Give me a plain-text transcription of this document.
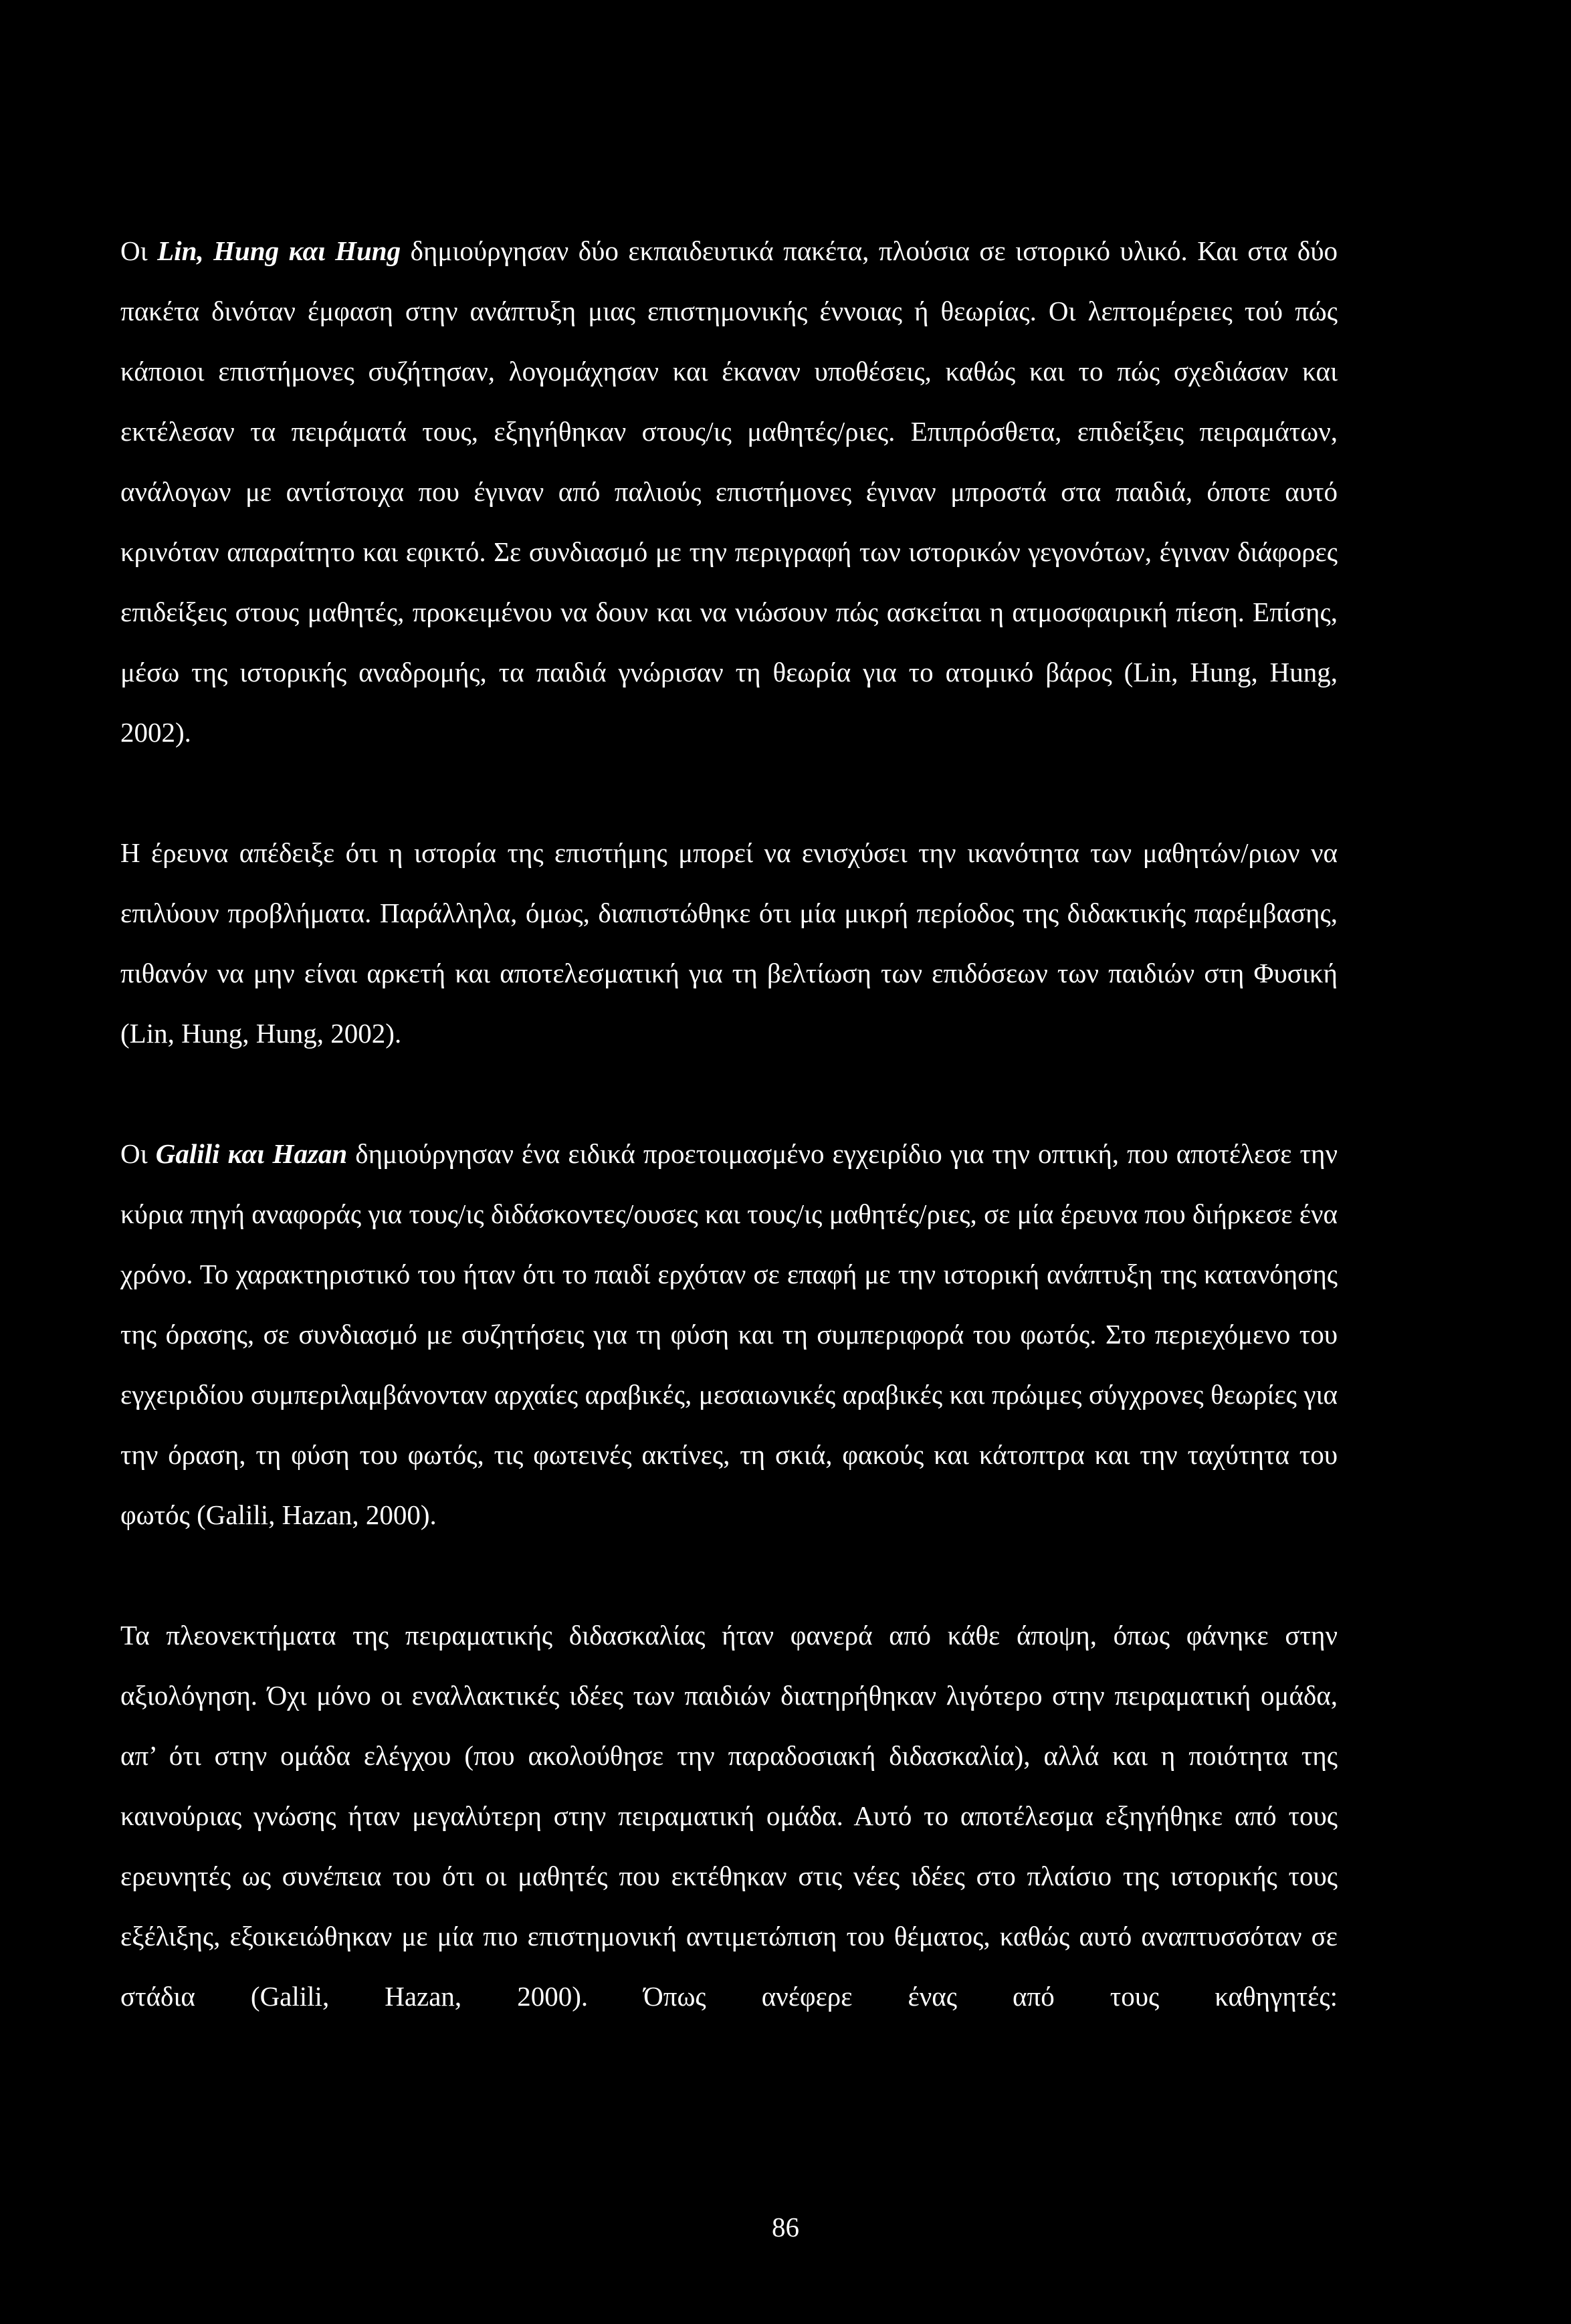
Οι Lin, Hung και Hung δημιούργησαν δύο εκπαιδευτικά πακέτα, πλούσια σε ιστορικό υλικό. Και στα δύο πακέτα δινόταν έμφαση στην ανάπτυξη μιας επιστημονικής έννοιας ή θεωρίας. Οι λεπτομέρειες τού πώς κάποιοι επιστήμονες συζήτησαν, λογομάχησαν και έκαναν υποθέσεις, καθώς και το πώς σχεδιάσαν και εκτέλεσαν τα πειράματά τους, εξηγήθηκαν στους/ις μαθητές/ριες. Επιπρόσθετα, επιδείξεις πειραμάτων, ανάλογων με αντίστοιχα που έγιναν από παλιούς επιστήμονες έγιναν μπροστά στα παιδιά, όποτε αυτό κρινόταν απαραίτητο και εφικτό. Σε συνδιασμό με την περιγραφή των ιστορικών γεγονότων, έγιναν διάφορες επιδείξεις στους μαθητές, προκειμένου να δουν και να νιώσουν πώς ασκείται η ατμοσφαιρική πίεση. Επίσης, μέσω της ιστορικής αναδρομής, τα παιδιά γνώρισαν τη θεωρία για το ατομικό βάρος (Lin, Hung, Hung, 2002).

Η έρευνα απέδειξε ότι η ιστορία της επιστήμης μπορεί να ενισχύσει την ικανότητα των μαθητών/ριων να επιλύουν προβλήματα. Παράλληλα, όμως, διαπιστώθηκε ότι μία μικρή περίοδος της διδακτικής παρέμβασης, πιθανόν να μην είναι αρκετή και αποτελεσματική για τη βελτίωση των επιδόσεων των παιδιών στη Φυσική (Lin, Hung, Hung, 2002).

Οι Galili και Hazan δημιούργησαν ένα ειδικά προετοιμασμένο εγχειρίδιο για την οπτική, που αποτέλεσε την κύρια πηγή αναφοράς για τους/ις διδάσκοντες/ουσες και τους/ις μαθητές/ριες, σε μία έρευνα που διήρκεσε ένα χρόνο. Το χαρακτηριστικό του ήταν ότι το παιδί ερχόταν σε επαφή με την ιστορική ανάπτυξη της κατανόησης της όρασης, σε συνδιασμό με συζητήσεις για τη φύση και τη συμπεριφορά του φωτός. Στο περιεχόμενο του εγχειριδίου συμπεριλαμβάνονταν αρχαίες αραβικές, μεσαιωνικές αραβικές και πρώιμες σύγχρονες θεωρίες για την όραση, τη φύση του φωτός, τις φωτεινές ακτίνες, τη σκιά, φακούς και κάτοπτρα και την ταχύτητα του φωτός (Galili, Hazan, 2000).

Τα πλεονεκτήματα της πειραματικής διδασκαλίας ήταν φανερά από κάθε άποψη, όπως φάνηκε στην αξιολόγηση. Όχι μόνο οι εναλλακτικές ιδέες των παιδιών διατηρήθηκαν λιγότερο στην πειραματική ομάδα, απ’ ότι στην ομάδα ελέγχου (που ακολούθησε την παραδοσιακή διδασκαλία), αλλά και η ποιότητα της καινούριας γνώσης ήταν μεγαλύτερη στην πειραματική ομάδα. Αυτό το αποτέλεσμα εξηγήθηκε από τους ερευνητές ως συνέπεια του ότι οι μαθητές που εκτέθηκαν στις νέες ιδέες στο πλαίσιο της ιστορικής τους εξέλιξης, εξοικειώθηκαν με μία πιο επιστημονική αντιμετώπιση του θέματος, καθώς αυτό αναπτυσσόταν σε στάδια (Galili, Hazan, 2000). Όπως ανέφερε ένας από τους καθηγητές:

86
